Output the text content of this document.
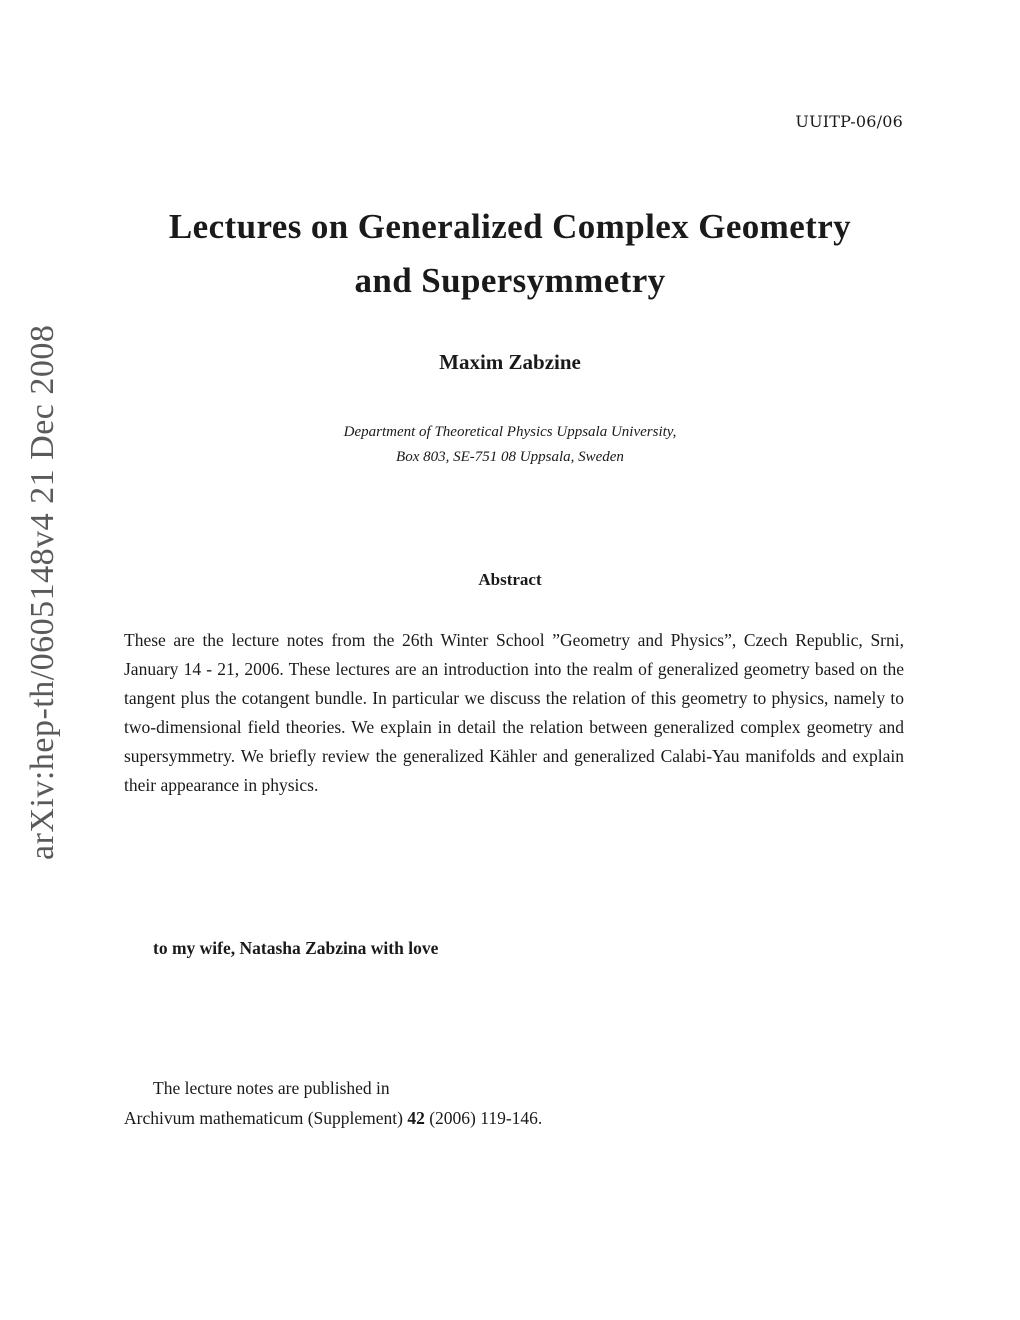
UUITP-06/06
arXiv:hep-th/0605148v4 21 Dec 2008
Lectures on Generalized Complex Geometry
and Supersymmetry
Maxim Zabzine
Department of Theoretical Physics Uppsala University,
Box 803, SE-751 08 Uppsala, Sweden
Abstract
These are the lecture notes from the 26th Winter School ”Geometry and Physics”, Czech Republic, Srni, January 14 - 21, 2006. These lectures are an introduction into the realm of generalized geometry based on the tangent plus the cotangent bundle. In particular we discuss the relation of this geometry to physics, namely to two-dimensional field theories. We explain in detail the relation between generalized complex geometry and supersymmetry. We briefly review the generalized Kähler and generalized Calabi-Yau manifolds and explain their appearance in physics.
to my wife, Natasha Zabzina with love
The lecture notes are published in
Archivum mathematicum (Supplement) 42 (2006) 119-146.
